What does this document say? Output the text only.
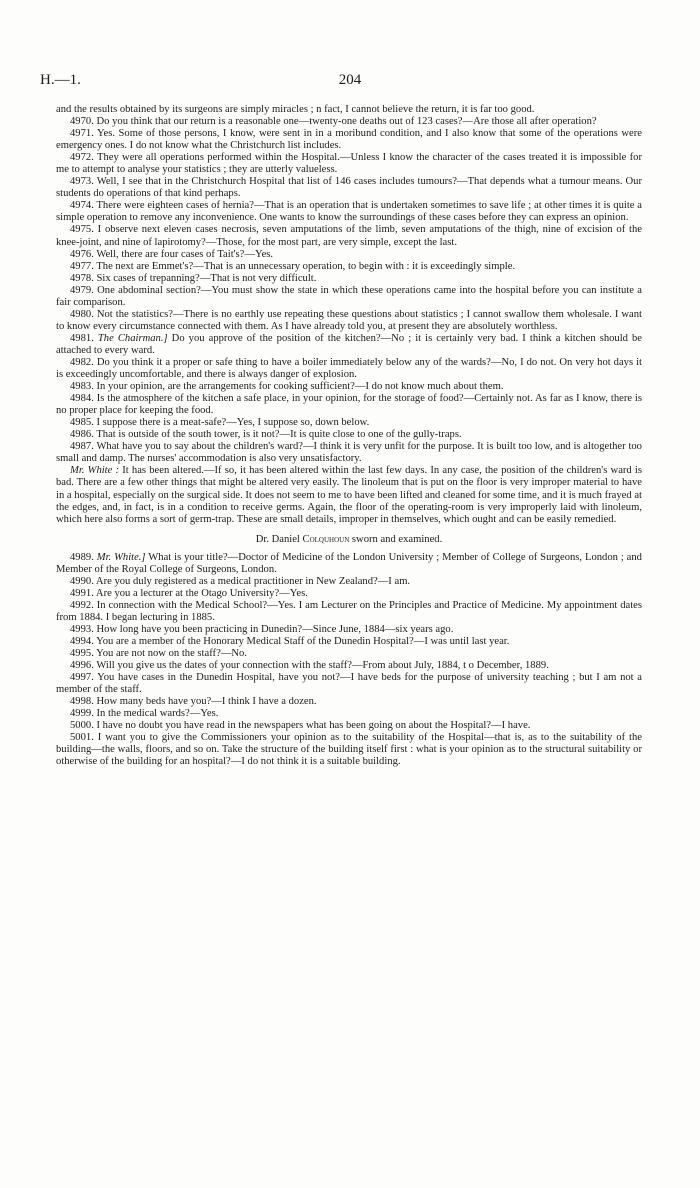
H.—1.	204

and the results obtained by its surgeons are simply miracles ; n fact, I cannot believe the return, it is far too good.

4970. Do you think that our return is a reasonable one—twenty-one deaths out of 123 cases?—Are those all after operation?

4971. Yes. Some of those persons, I know, were sent in in a moribund condition, and I also know that some of the operations were emergency ones. I do not know what the Christchurch list includes.

4972. They were all operations performed within the Hospital.—Unless I know the character of the cases treated it is impossible for me to attempt to analyse your statistics ; they are utterly valueless.

4973. Well, I see that in the Christchurch Hospital that list of 146 cases includes tumours?—That depends what a tumour means. Our students do operations of that kind perhaps.

4974. There were eighteen cases of hernia?—That is an operation that is undertaken sometimes to save life ; at other times it is quite a simple operation to remove any inconvenience. One wants to know the surroundings of these cases before they can express an opinion.

4975. I observe next eleven cases necrosis, seven amputations of the limb, seven amputations of the thigh, nine of excision of the knee-joint, and nine of lapirotomy?—Those, for the most part, are very simple, except the last.

4976. Well, there are four cases of Tait's?—Yes.

4977. The next are Emmet's?—That is an unnecessary operation, to begin with : it is exceedingly simple.

4978. Six cases of trepanning?—That is not very difficult.

4979. One abdominal section?—You must show the state in which these operations came into the hospital before you can institute a fair comparison.

4980. Not the statistics?—There is no earthly use repeating these questions about statistics ; I cannot swallow them wholesale. I want to know every circumstance connected with them. As I have already told you, at present they are absolutely worthless.

4981. The Chairman.] Do you approve of the position of the kitchen?—No ; it is certainly very bad. I think a kitchen should be attached to every ward.

4982. Do you think it a proper or safe thing to have a boiler immediately below any of the wards?—No, I do not. On very hot days it is exceedingly uncomfortable, and there is always danger of explosion.

4983. In your opinion, are the arrangements for cooking sufficient?—I do not know much about them.

4984. Is the atmosphere of the kitchen a safe place, in your opinion, for the storage of food?—Certainly not. As far as I know, there is no proper place for keeping the food.

4985. I suppose there is a meat-safe?—Yes, I suppose so, down below.

4986. That is outside of the south tower, is it not?—It is quite close to one of the gully-traps.

4987. What have you to say about the children's ward?—I think it is very unfit for the purpose. It is built too low, and is altogether too small and damp. The nurses' accommodation is also very unsatisfactory.

Mr. White : It has been altered.—If so, it has been altered within the last few days. In any case, the position of the children's ward is bad. There are a few other things that might be altered very easily. The linoleum that is put on the floor is very improper material to have in a hospital, especially on the surgical side. It does not seem to me to have been lifted and cleaned for some time, and it is much frayed at the edges, and, in fact, is in a condition to receive germs. Again, the floor of the operating-room is very improperly laid with linoleum, which here also forms a sort of germ-trap. These are small details, improper in themselves, which ought and can be easily remedied.

Dr. Daniel Colquhoun sworn and examined.

4989. Mr. White.] What is your title?—Doctor of Medicine of the London University ; Member of College of Surgeons, London ; and Member of the Royal College of Surgeons, London.

4990. Are you duly registered as a medical practitioner in New Zealand?—I am.

4991. Are you a lecturer at the Otago University?—Yes.

4992. In connection with the Medical School?—Yes. I am Lecturer on the Principles and Practice of Medicine. My appointment dates from 1884. I began lecturing in 1885.

4993. How long have you been practicing in Dunedin?—Since June, 1884—six years ago.

4994. You are a member of the Honorary Medical Staff of the Dunedin Hospital?—I was until last year.

4995. You are not now on the staff?—No.

4996. Will you give us the dates of your connection with the staff?—From about July, 1884, t o December, 1889.

4997. You have cases in the Dunedin Hospital, have you not?—I have beds for the purpose of university teaching ; but I am not a member of the staff.

4998. How many beds have you?—I think I have a dozen.

4999. In the medical wards?—Yes.

5000. I have no doubt you have read in the newspapers what has been going on about the Hospital?—I have.

5001. I want you to give the Commissioners your opinion as to the suitability of the Hospital—that is, as to the suitability of the building—the walls, floors, and so on. Take the structure of the building itself first : what is your opinion as to the structural suitability or otherwise of the building for an hospital?—I do not think it is a suitable building.
